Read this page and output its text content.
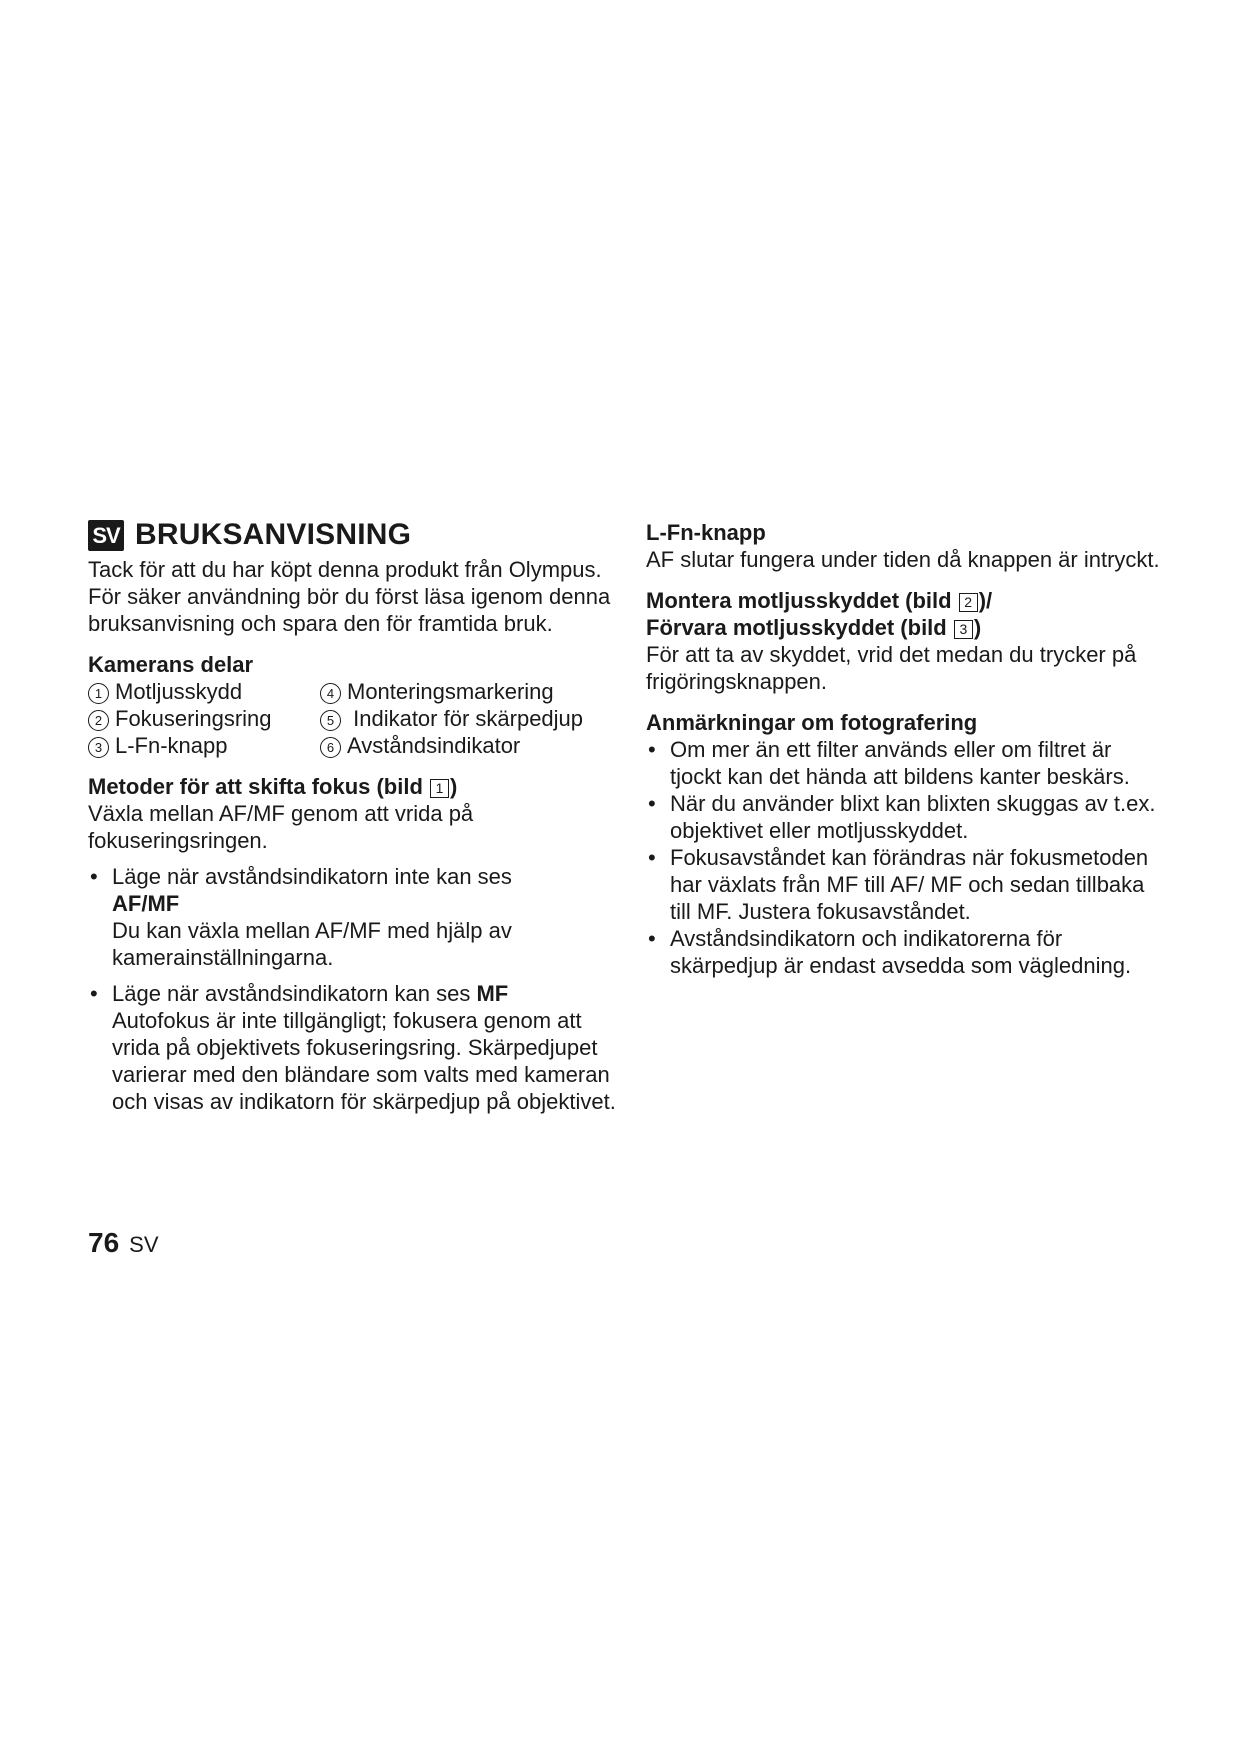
SV BRUKSANVISNING

Tack för att du har köpt denna produkt från Olympus. För säker användning bör du först läsa igenom denna bruksanvisning och spara den för framtida bruk.

Kamerans delar

1 Motljusskydd	4 Monteringsmarkering
2 Fokuseringsring	5 Indikator för skärpedjup
3 L-Fn-knapp	6 Avståndsindikator

Metoder för att skifta fokus (bild 1 )

Växla mellan AF/MF genom att vrida på fokuseringsringen.

• Läge när avståndsindikatorn inte kan ses
AF/MF
Du kan växla mellan AF/MF med hjälp av kamerainställningarna.
• Läge när avståndsindikatorn kan ses MF
Autofokus är inte tillgängligt; fokusera genom att vrida på objektivets fokuseringsring. Skärpedjupet varierar med den bländare som valts med kameran och visas av indikatorn för skärpedjup på objektivet.

L-Fn-knapp

AF slutar fungera under tiden då knappen är intryckt.

Montera motljusskyddet (bild 2 )/

Förvara motljusskyddet (bild 3 )

För att ta av skyddet, vrid det medan du trycker på frigöringsknappen.

Anmärkningar om fotografering

• Om mer än ett filter används eller om filtret är tjockt kan det hända att bildens kanter beskärs.
• När du använder blixt kan blixten skuggas av t.ex. objektivet eller motljusskyddet.
• Fokusavståndet kan förändras när fokusmetoden har växlats från MF till AF/ MF och sedan tillbaka till MF. Justera fokusavståndet.
• Avståndsindikatorn och indikatorerna för skärpedjup är endast avsedda som vägledning.
76 SV
